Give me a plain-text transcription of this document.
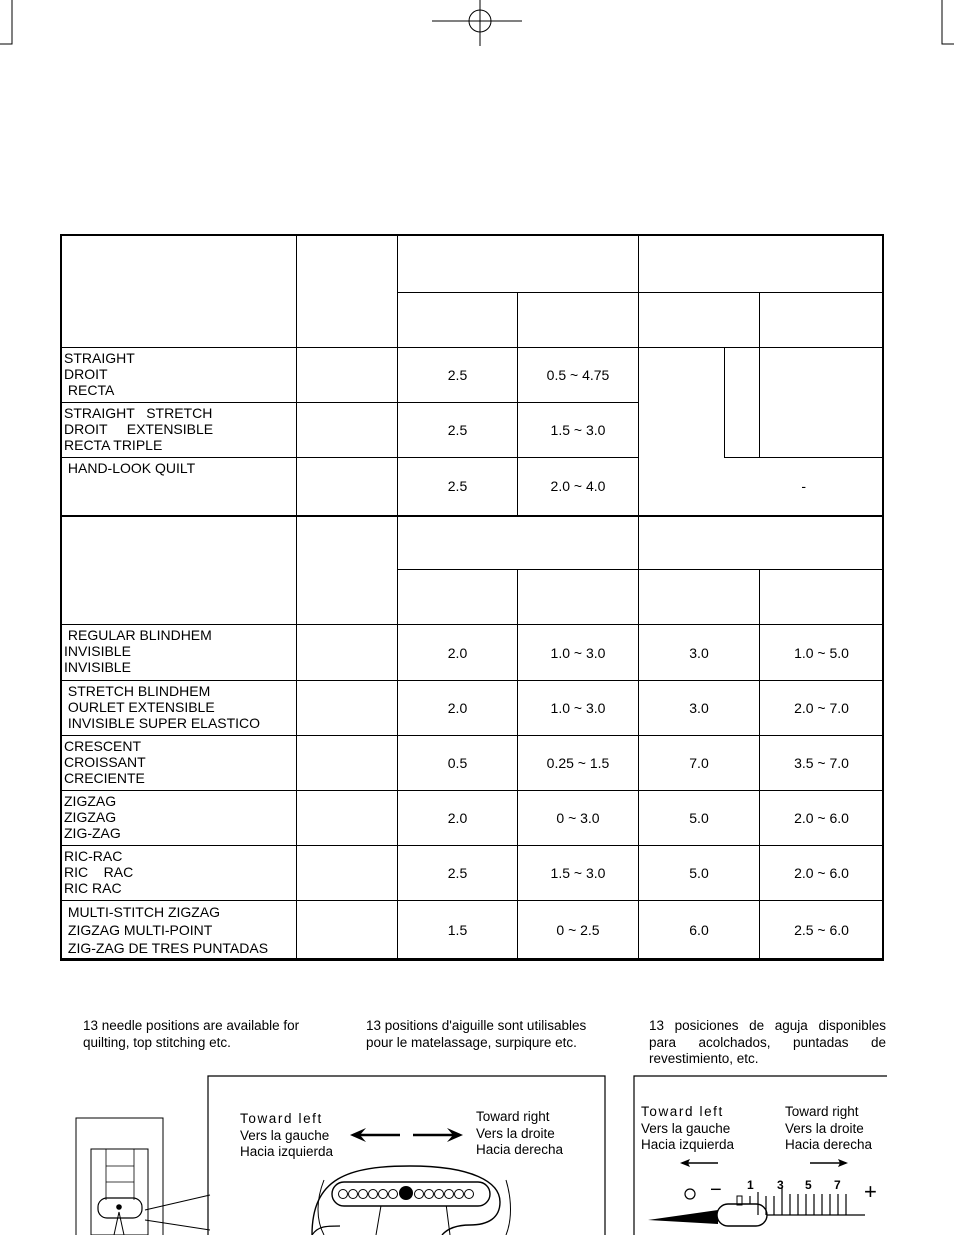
STRAIGHT
DROIT
RECTA		2.5	0.5 ~ 4.75			

STRAIGHT   STRETCH
DROIT     EXTENSIBLE
RECTA TRIPLE		2.5	1.5 ~ 3.0			

HAND-LOOK QUILT		2.5	2.0 ~ 4.0		-	

REGULAR BLINDHEM
INVISIBLE
INVISIBLE		2.0	1.0 ~ 3.0	3.0		1.0 ~ 5.0

STRETCH BLINDHEM
OURLET EXTENSIBLE
INVISIBLE SUPER ELASTICO		2.0	1.0 ~ 3.0	3.0		2.0 ~ 7.0

CRESCENT
CROISSANT
CRECIENTE		0.5	0.25 ~ 1.5	7.0		3.5 ~ 7.0

ZIGZAG
ZIGZAG
ZIG-ZAG		2.0	0 ~ 3.0	5.0		2.0 ~ 6.0

RIC-RAC
RIC    RAC
RIC RAC		2.5	1.5 ~ 3.0	5.0		2.0 ~ 6.0

MULTI-STITCH ZIGZAG
ZIGZAG MULTI-POINT
ZIG-ZAG DE TRES PUNTADAS		1.5	0 ~ 2.5	6.0		2.5 ~ 6.0
13 needle positions are available for quilting, top stitching etc.
13 positions d'aiguille sont utilisables pour le matelassage, surpiqure etc.
13 posiciones de aguja disponibles
para acolchados, puntadas de
revestimiento, etc.
Toward left
Vers la gauche
Hacia izquierda
Toward right
Vers la droite
Hacia derecha
Toward left
Vers la gauche
Hacia izquierda
Toward right
Vers la droite
Hacia derecha
−	+
1 3 5 7
